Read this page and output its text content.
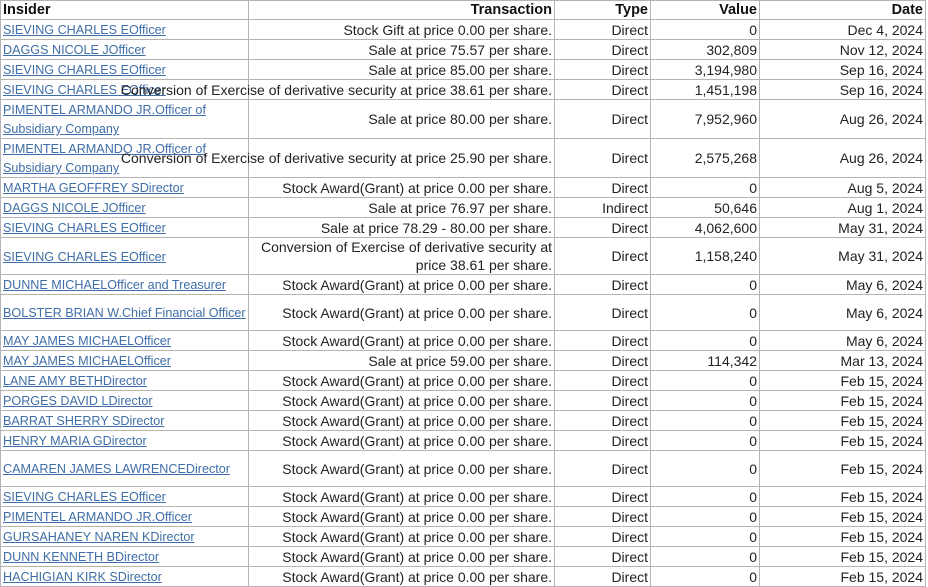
Insider	Transaction	Type	Value	Date
SIEVING CHARLES EOfficer	Stock Gift at price 0.00 per share.	Direct	0	Dec 4, 2024
DAGGS NICOLE JOfficer	Sale at price 75.57 per share.	Direct	302,809	Nov 12, 2024
SIEVING CHARLES EOfficer	Sale at price 85.00 per share.	Direct	3,194,980	Sep 16, 2024
SIEVING CHARLES EOfficer	Conversion of Exercise of derivative security at price 38.61 per share.	Direct	1,451,198	Sep 16, 2024
PIMENTEL ARMANDO JR.Officer of Subsidiary Company	Sale at price 80.00 per share.	Direct	7,952,960	Aug 26, 2024
PIMENTEL ARMANDO JR.Officer of Subsidiary Company	Conversion of Exercise of derivative security at price 25.90 per share.	Direct	2,575,268	Aug 26, 2024
MARTHA GEOFFREY SDirector	Stock Award(Grant) at price 0.00 per share.	Direct	0	Aug 5, 2024
DAGGS NICOLE JOfficer	Sale at price 76.97 per share.	Indirect	50,646	Aug 1, 2024
SIEVING CHARLES EOfficer	Sale at price 78.29 - 80.00 per share.	Direct	4,062,600	May 31, 2024
SIEVING CHARLES EOfficer	Conversion of Exercise of derivative security at price 38.61 per share.	Direct	1,158,240	May 31, 2024
DUNNE MICHAELOfficer and Treasurer	Stock Award(Grant) at price 0.00 per share.	Direct	0	May 6, 2024
BOLSTER BRIAN W.Chief Financial Officer	Stock Award(Grant) at price 0.00 per share.	Direct	0	May 6, 2024
MAY JAMES MICHAELOfficer	Stock Award(Grant) at price 0.00 per share.	Direct	0	May 6, 2024
MAY JAMES MICHAELOfficer	Sale at price 59.00 per share.	Direct	114,342	Mar 13, 2024
LANE AMY BETHDirector	Stock Award(Grant) at price 0.00 per share.	Direct	0	Feb 15, 2024
PORGES DAVID LDirector	Stock Award(Grant) at price 0.00 per share.	Direct	0	Feb 15, 2024
BARRAT SHERRY SDirector	Stock Award(Grant) at price 0.00 per share.	Direct	0	Feb 15, 2024
HENRY MARIA GDirector	Stock Award(Grant) at price 0.00 per share.	Direct	0	Feb 15, 2024
CAMAREN JAMES LAWRENCEDirector	Stock Award(Grant) at price 0.00 per share.	Direct	0	Feb 15, 2024
SIEVING CHARLES EOfficer	Stock Award(Grant) at price 0.00 per share.	Direct	0	Feb 15, 2024
PIMENTEL ARMANDO JR.Officer	Stock Award(Grant) at price 0.00 per share.	Direct	0	Feb 15, 2024
GURSAHANEY NAREN KDirector	Stock Award(Grant) at price 0.00 per share.	Direct	0	Feb 15, 2024
DUNN KENNETH BDirector	Stock Award(Grant) at price 0.00 per share.	Direct	0	Feb 15, 2024
HACHIGIAN KIRK SDirector	Stock Award(Grant) at price 0.00 per share.	Direct	0	Feb 15, 2024
